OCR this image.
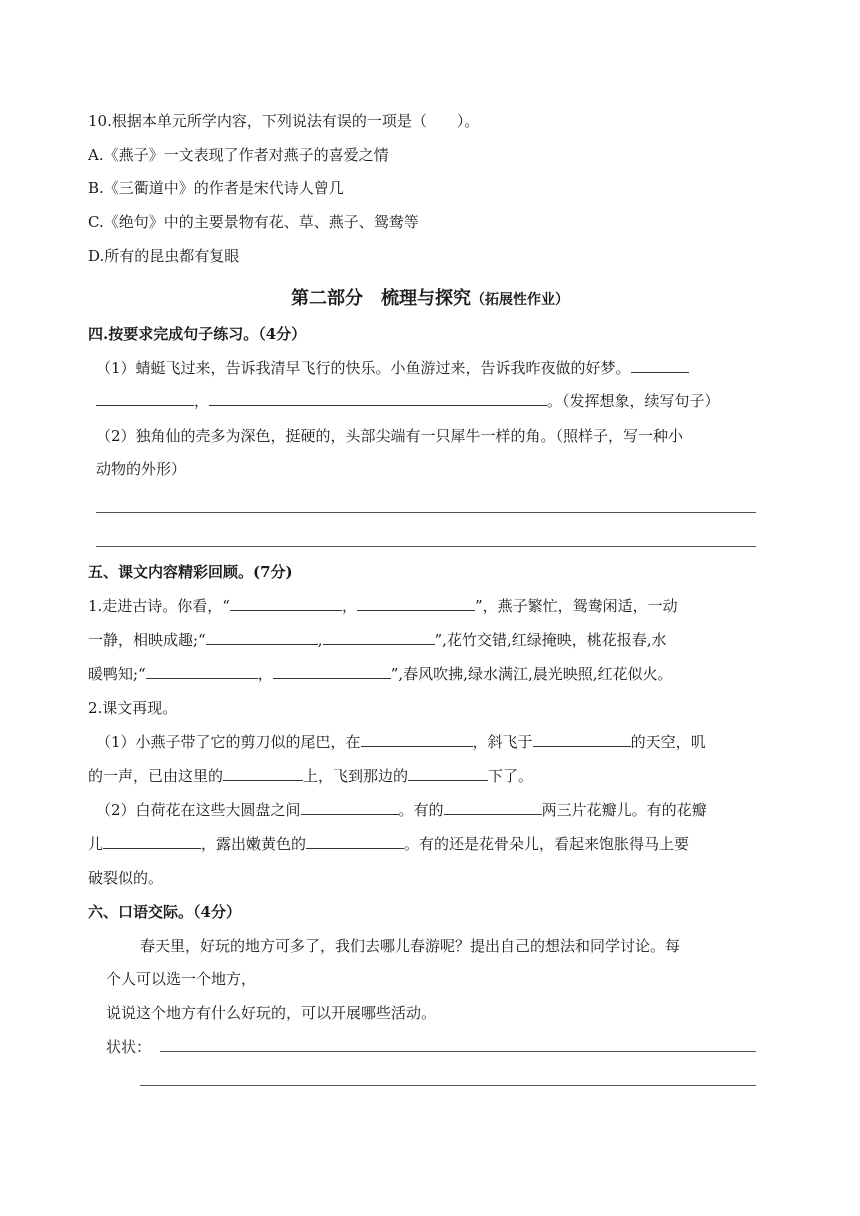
10.根据本单元所学内容，下列说法有误的一项是（　　）。
A.《燕子》一文表现了作者对燕子的喜爱之情
B.《三衢道中》的作者是宋代诗人曾几
C.《绝句》中的主要景物有花、草、燕子、鸳鸯等
D.所有的昆虫都有复眼
第二部分　梳理与探究（拓展性作业）
四.按要求完成句子练习。（4分）
（1）蜻蜓飞过来，告诉我清早飞行的快乐。小鱼游过来，告诉我昨夜做的好梦。
，	。（发挥想象，续写句子）
（2）独角仙的壳多为深色，挺硬的，头部尖端有一只犀牛一样的角。（照样子，写一种小
动物的外形）
五、课文内容精彩回顾。(7分)
1.走进古诗。你看，“	，	”，燕子繁忙，鸳鸯闲适，一动
一静，相映成趣;“	,	”,花竹交错,红绿掩映，桃花报春,水
暖鸭知;“	，	”,春风吹拂,绿水满江,晨光映照,红花似火。
2.课文再现。
（1）小燕子带了它的剪刀似的尾巴，在	，斜飞于	的天空，叽
的一声，已由这里的	上，飞到那边的	下了。
（2）白荷花在这些大圆盘之间	。有的	两三片花瓣儿。有的花瓣
儿	，露出嫩黄色的	。有的还是花骨朵儿，看起来饱胀得马上要
破裂似的。
六、口语交际。（4分）
春天里，好玩的地方可多了，我们去哪儿春游呢？提出自己的想法和同学讨论。每
个人可以选一个地方，
说说这个地方有什么好玩的，可以开展哪些活动。
状状：
